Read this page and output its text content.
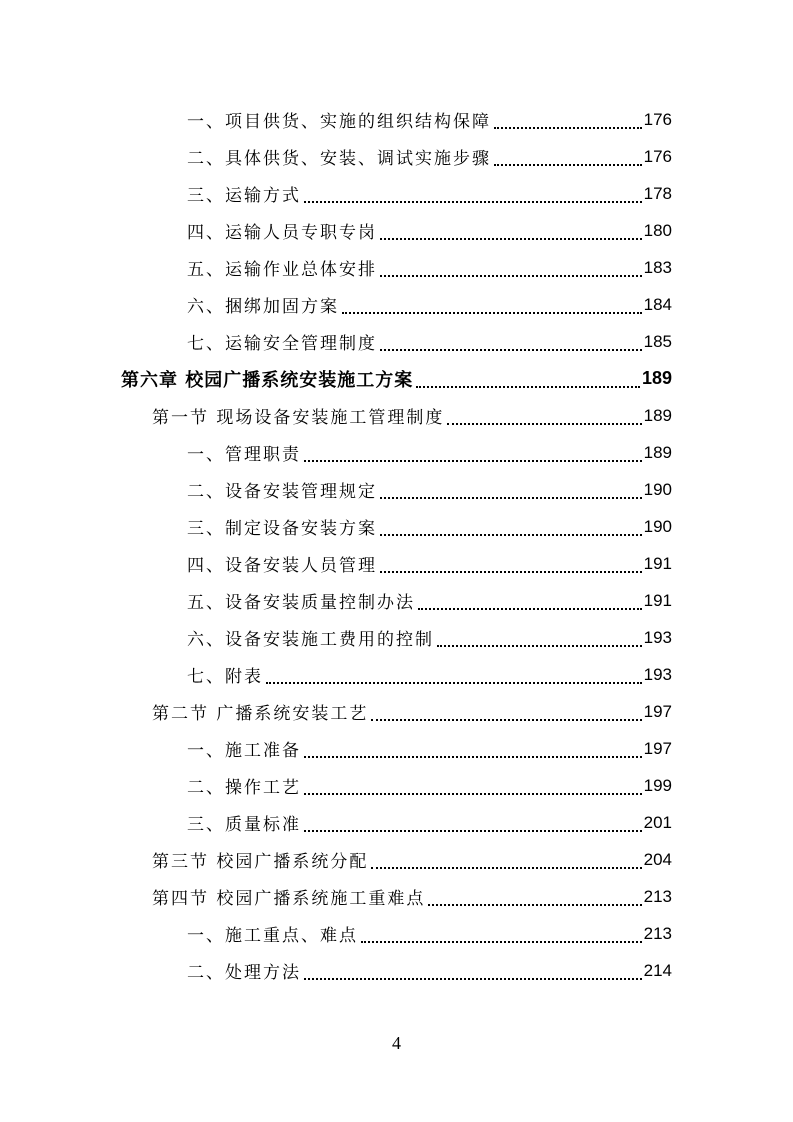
一、项目供货、实施的组织结构保障	176
二、具体供货、安装、调试实施步骤	176
三、运输方式	178
四、运输人员专职专岗	180
五、运输作业总体安排	183
六、捆绑加固方案	184
七、运输安全管理制度	185
第六章 校园广播系统安装施工方案	189
第一节 现场设备安装施工管理制度	189
一、管理职责	189
二、设备安装管理规定	190
三、制定设备安装方案	190
四、设备安装人员管理	191
五、设备安装质量控制办法	191
六、设备安装施工费用的控制	193
七、附表	193
第二节 广播系统安装工艺	197
一、施工准备	197
二、操作工艺	199
三、质量标准	201
第三节 校园广播系统分配	204
第四节 校园广播系统施工重难点	213
一、施工重点、难点	213
二、处理方法	214
4
